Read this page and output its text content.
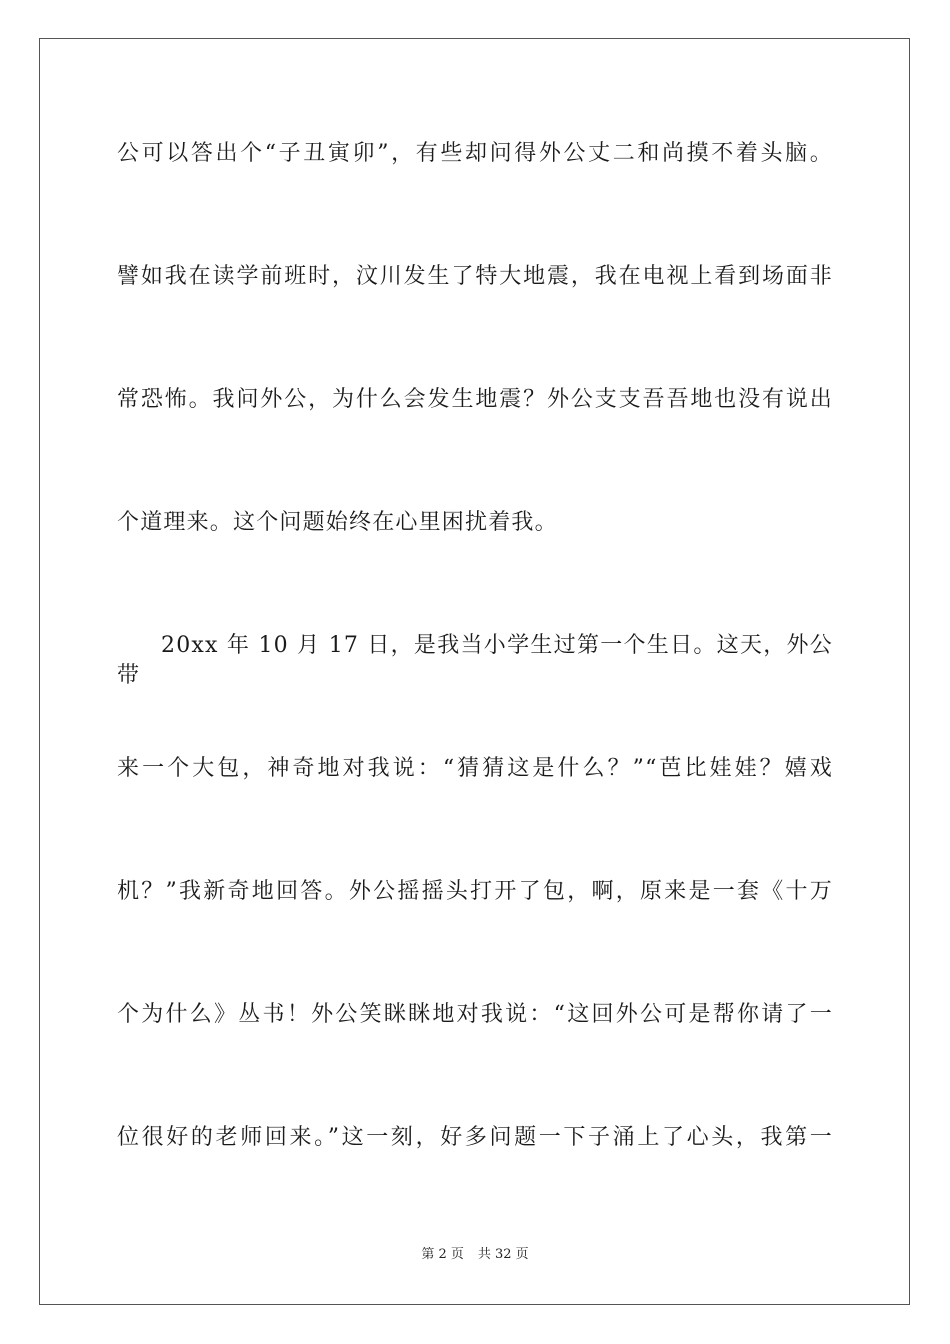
公可以答出个“子丑寅卯”，有些却问得外公丈二和尚摸不着头脑。
譬如我在读学前班时，汶川发生了特大地震，我在电视上看到场面非
常恐怖。我问外公，为什么会发生地震？外公支支吾吾地也没有说出
个道理来。这个问题始终在心里困扰着我。
20xx 年 10 月 17 日，是我当小学生过第一个生日。这天，外公带
来一个大包，神奇地对我说：“猜猜这是什么？”“芭比娃娃？嬉戏
机？”我新奇地回答。外公摇摇头打开了包，啊，原来是一套《十万
个为什么》丛书！外公笑眯眯地对我说：“这回外公可是帮你请了一
位很好的老师回来。”这一刻，好多问题一下子涌上了心头，我第一
第 2 页 共 32 页
